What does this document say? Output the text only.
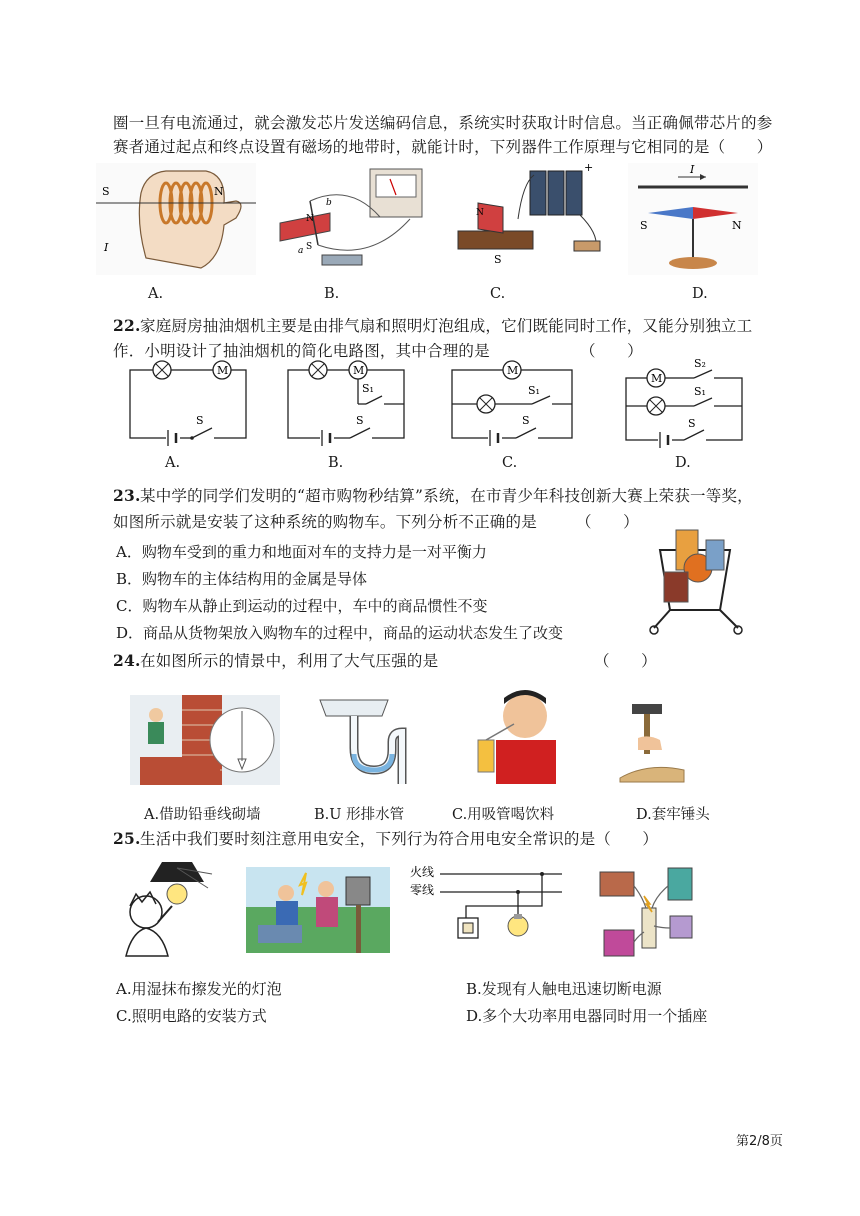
圈一旦有电流通过，就会激发芯片发送编码信息，系统实时获取计时信息。当正确佩带芯片的参
赛者通过起点和终点设置有磁场的地带时，就能计时，下列器件工作原理与它相同的是（　　）
S	N
I
N
S
a
b
S
N
+	I
S	N
A.	B.	C.	D.
22. 家庭厨房抽油烟机主要是由排气扇和照明灯泡组成，它们既能同时工作，又能分别独立工
作．小明设计了抽油烟机的简化电路图，其中合理的是	（　　）
M
S
S₁
M
S
M
S₁
S
M
S₂
S₁
S
A.	B.	C.	D.
23. 某中学的同学们发明的“超市购物秒结算”系统，在市青少年科技创新大赛上荣获一等奖，
如图所示就是安装了这种系统的购物车。下列分析不正确的是	（　　）
A．购物车受到的重力和地面对车的支持力是一对平衡力
B．购物车的主体结构用的金属是导体
C．购物车从静止到运动的过程中，车中的商品惯性不变
D．商品从货物架放入购物车的过程中，商品的运动状态发生了改变
24. 在如图所示的情景中，利用了大气压强的是	（　　）
A.借助铅垂线砌墙	B.U 形排水管	C.用吸管喝饮料	D.套牢锤头
25. 生活中我们要时刻注意用电安全，下列行为符合用电安全常识的是（　　）
火线
零线
A.用湿抹布擦发光的灯泡	B.发现有人触电迅速切断电源
C.照明电路的安装方式	D.多个大功率用电器同时用一个插座
第2/8页
